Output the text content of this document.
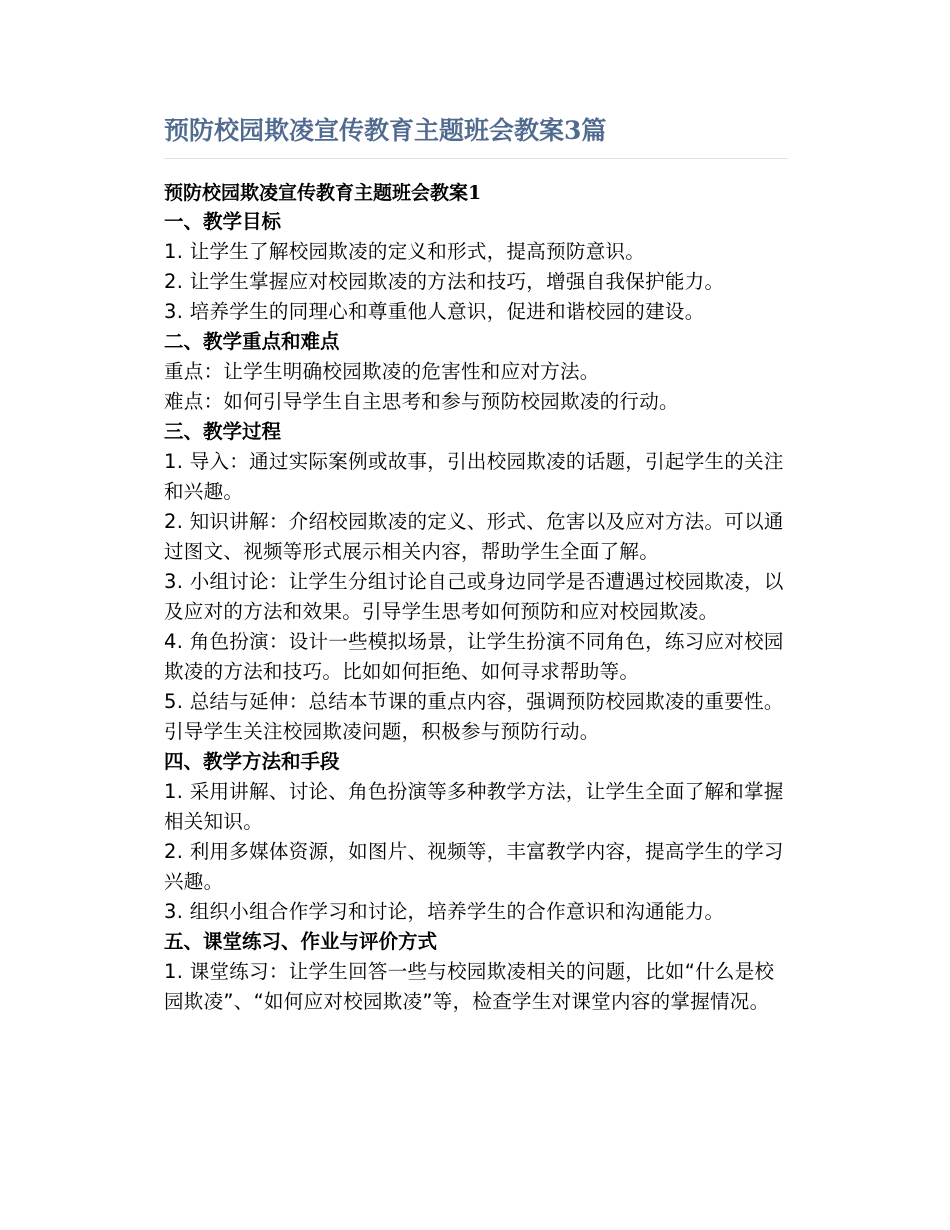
预防校园欺凌宣传教育主题班会教案3篇

预防校园欺凌宣传教育主题班会教案1

一、教学目标

1. 让学生了解校园欺凌的定义和形式，提高预防意识。

2. 让学生掌握应对校园欺凌的方法和技巧，增强自我保护能力。

3. 培养学生的同理心和尊重他人意识，促进和谐校园的建设。

二、教学重点和难点

重点：让学生明确校园欺凌的危害性和应对方法。

难点：如何引导学生自主思考和参与预防校园欺凌的行动。

三、教学过程

1. 导入：通过实际案例或故事，引出校园欺凌的话题，引起学生的关注和兴趣。

2. 知识讲解：介绍校园欺凌的定义、形式、危害以及应对方法。可以通过图文、视频等形式展示相关内容，帮助学生全面了解。

3. 小组讨论：让学生分组讨论自己或身边同学是否遭遇过校园欺凌，以及应对的方法和效果。引导学生思考如何预防和应对校园欺凌。

4. 角色扮演：设计一些模拟场景，让学生扮演不同角色，练习应对校园欺凌的方法和技巧。比如如何拒绝、如何寻求帮助等。

5. 总结与延伸：总结本节课的重点内容，强调预防校园欺凌的重要性。引导学生关注校园欺凌问题，积极参与预防行动。

四、教学方法和手段

1. 采用讲解、讨论、角色扮演等多种教学方法，让学生全面了解和掌握相关知识。

2. 利用多媒体资源，如图片、视频等，丰富教学内容，提高学生的学习兴趣。

3. 组织小组合作学习和讨论，培养学生的合作意识和沟通能力。

五、课堂练习、作业与评价方式

1. 课堂练习：让学生回答一些与校园欺凌相关的问题，比如“什么是校园欺凌”、“如何应对校园欺凌”等，检查学生对课堂内容的掌握情况。
